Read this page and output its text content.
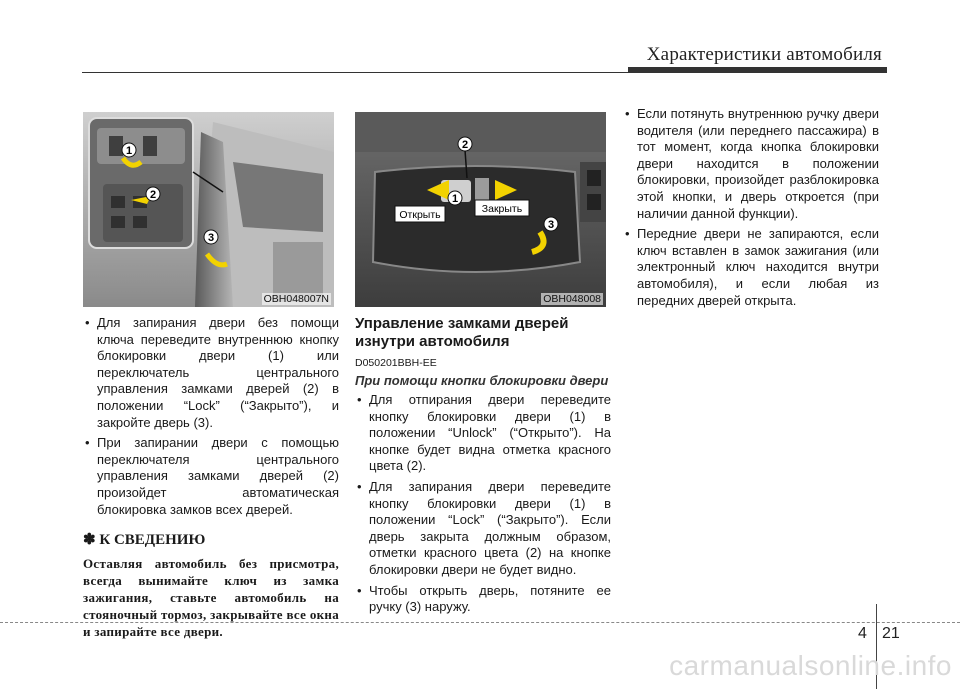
Характеристики автомобиля
1
2
3
OBH048007N
• Для запирания двери без помощи ключа переведите внутреннюю кнопку блокировки двери (1) или переключатель центрального управления замками дверей (2) в положении “Lock” (“Закрыто”), и закройте дверь (3).
• При запирании двери с помощью переключателя центрального управления замками дверей (2) произойдет автоматическая блокировка замков всех дверей.
✽ К СВЕДЕНИЮ

Оставляя автомобиль без присмотра, всегда вынимайте ключ из замка зажигания, ставьте автомобиль на стояночный тормоз, закрывайте все окна и запирайте все двери.

2
1
3
Открыть	Закрыть
OBH048008
Управление замками дверей изнутри автомобиля
D050201BBH-EE
При помощи кнопки блокировки двери
• Для отпирания двери переведите кнопку блокировки двери (1) в положении “Unlock” (“Открыто”). На кнопке будет видна отметка красного цвета (2).
• Для запирания двери переведите кнопку блокировки двери (1) в положении “Lock” (“Закрыто”). Если дверь закрыта должным образом, отметки красного цвета (2) на кнопке блокировки двери не будет видно.
• Чтобы открыть дверь, потяните ее ручку (3) наружу.
• Если потянуть внутреннюю ручку двери водителя (или переднего пассажира) в тот момент, когда кнопка блокировки двери находится в положении блокировки, произойдет разблокировка этой кнопки, и дверь откроется (при наличии данной функции).
• Передние двери не запираются, если ключ вставлен в замок зажигания (или электронный ключ находится внутри автомобиля), и если любая из передних дверей открыта.
4 21
carmanualsonline.info
